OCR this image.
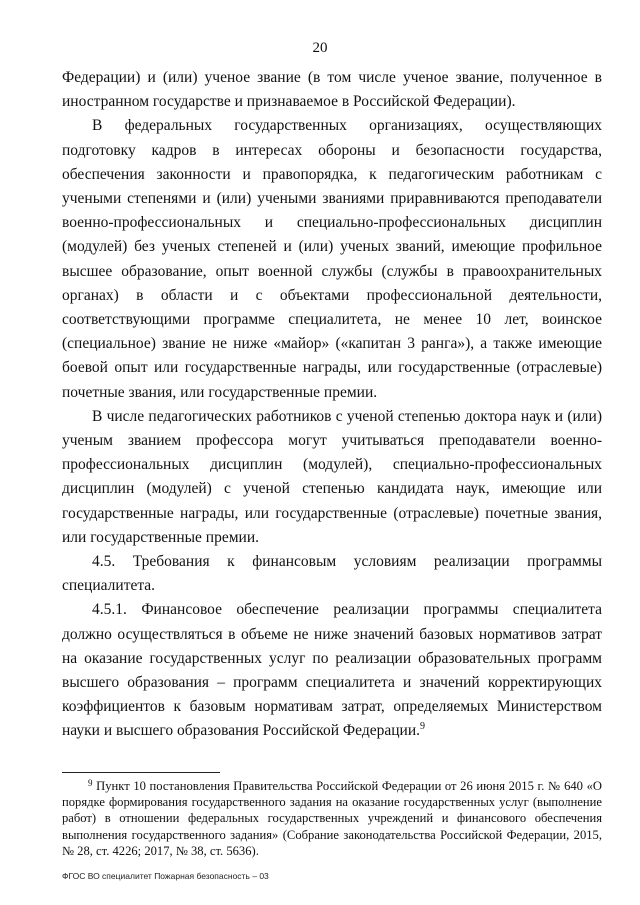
20

Федерации) и (или) ученое звание (в том числе ученое звание, полученное в иностранном государстве и признаваемое в Российской Федерации).

В федеральных государственных организациях, осуществляющих подготовку кадров в интересах обороны и безопасности государства, обеспечения законности и правопорядка, к педагогическим работникам с учеными степенями и (или) учеными званиями приравниваются преподаватели военно-профессиональных и специально-профессиональных дисциплин (модулей) без ученых степеней и (или) ученых званий, имеющие профильное высшее образование, опыт военной службы (службы в правоохранительных органах) в области и с объектами профессиональной деятельности, соответствующими программе специалитета, не менее 10 лет, воинское (специальное) звание не ниже «майор» («капитан 3 ранга»), а также имеющие боевой опыт или государственные награды, или государственные (отраслевые) почетные звания, или государственные премии.

В числе педагогических работников с ученой степенью доктора наук и (или) ученым званием профессора могут учитываться преподаватели военно-профессиональных дисциплин (модулей), специально-профессиональных дисциплин (модулей) с ученой степенью кандидата наук, имеющие или государственные награды, или государственные (отраслевые) почетные звания, или государственные премии.

4.5. Требования к финансовым условиям реализации программы специалитета.

4.5.1. Финансовое обеспечение реализации программы специалитета должно осуществляться в объеме не ниже значений базовых нормативов затрат на оказание государственных услуг по реализации образовательных программ высшего образования – программ специалитета и значений корректирующих коэффициентов к базовым нормативам затрат, определяемых Министерством науки и высшего образования Российской Федерации.$^9$

$^9$ Пункт 10 постановления Правительства Российской Федерации от 26 июня 2015 г. № 640 «О порядке формирования государственного задания на оказание государственных услуг (выполнение работ) в отношении федеральных государственных учреждений и финансового обеспечения выполнения государственного задания» (Собрание законодательства Российской Федерации, 2015, № 28, ст. 4226; 2017, № 38, ст. 5636).

ФГОС ВО специалитет Пожарная безопасность – 03
